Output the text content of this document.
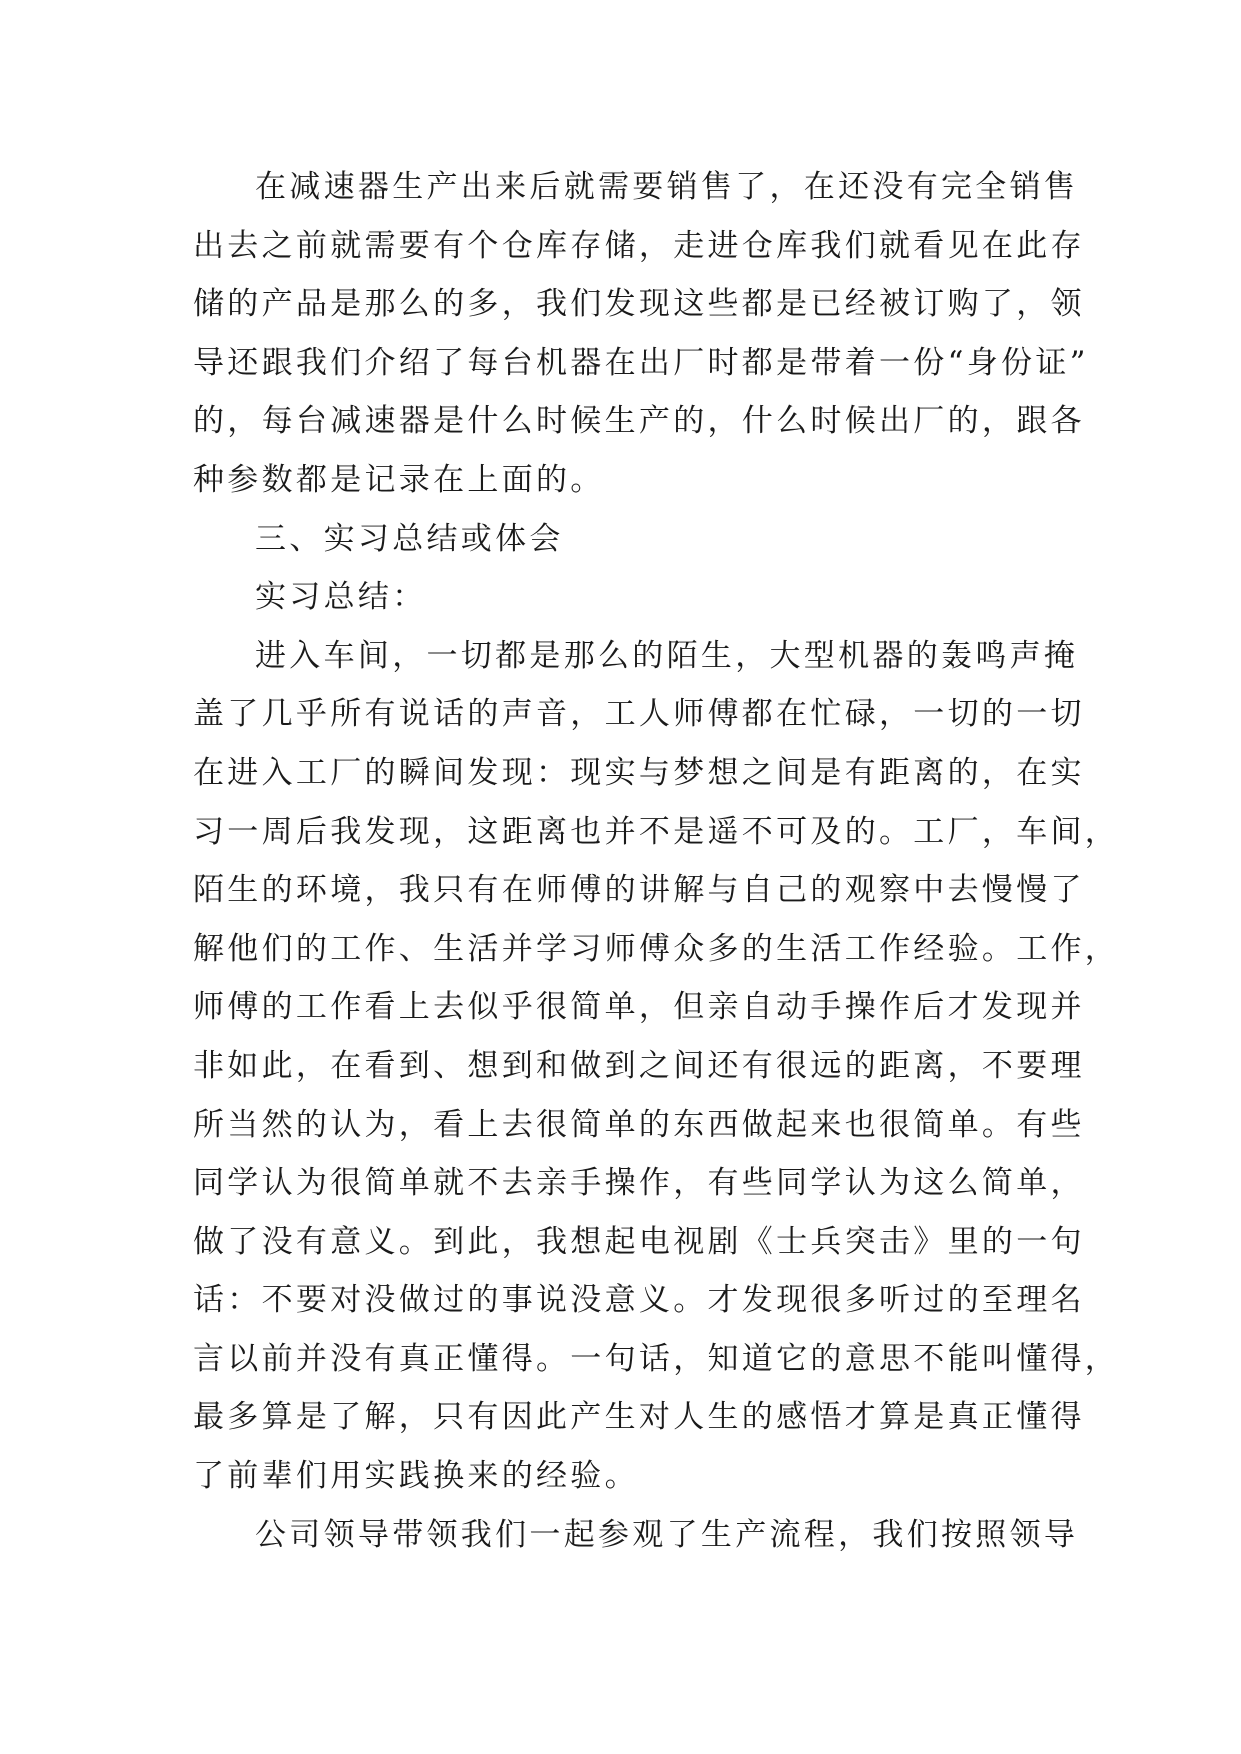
在减速器生产出来后就需要销售了，在还没有完全销售
出去之前就需要有个仓库存储，走进仓库我们就看见在此存
储的产品是那么的多，我们发现这些都是已经被订购了，领
导还跟我们介绍了每台机器在出厂时都是带着一份“身份证”
的，每台减速器是什么时候生产的，什么时候出厂的，跟各
种参数都是记录在上面的。
三、实习总结或体会
实习总结：
进入车间，一切都是那么的陌生，大型机器的轰鸣声掩
盖了几乎所有说话的声音，工人师傅都在忙碌，一切的一切
在进入工厂的瞬间发现：现实与梦想之间是有距离的，在实
习一周后我发现，这距离也并不是遥不可及的。工厂，车间，
陌生的环境，我只有在师傅的讲解与自己的观察中去慢慢了
解他们的工作、生活并学习师傅众多的生活工作经验。工作，
师傅的工作看上去似乎很简单，但亲自动手操作后才发现并
非如此，在看到、想到和做到之间还有很远的距离，不要理
所当然的认为，看上去很简单的东西做起来也很简单。有些
同学认为很简单就不去亲手操作，有些同学认为这么简单，
做了没有意义。到此，我想起电视剧《士兵突击》里的一句
话：不要对没做过的事说没意义。才发现很多听过的至理名
言以前并没有真正懂得。一句话，知道它的意思不能叫懂得，
最多算是了解，只有因此产生对人生的感悟才算是真正懂得
了前辈们用实践换来的经验。
公司领导带领我们一起参观了生产流程，我们按照领导
